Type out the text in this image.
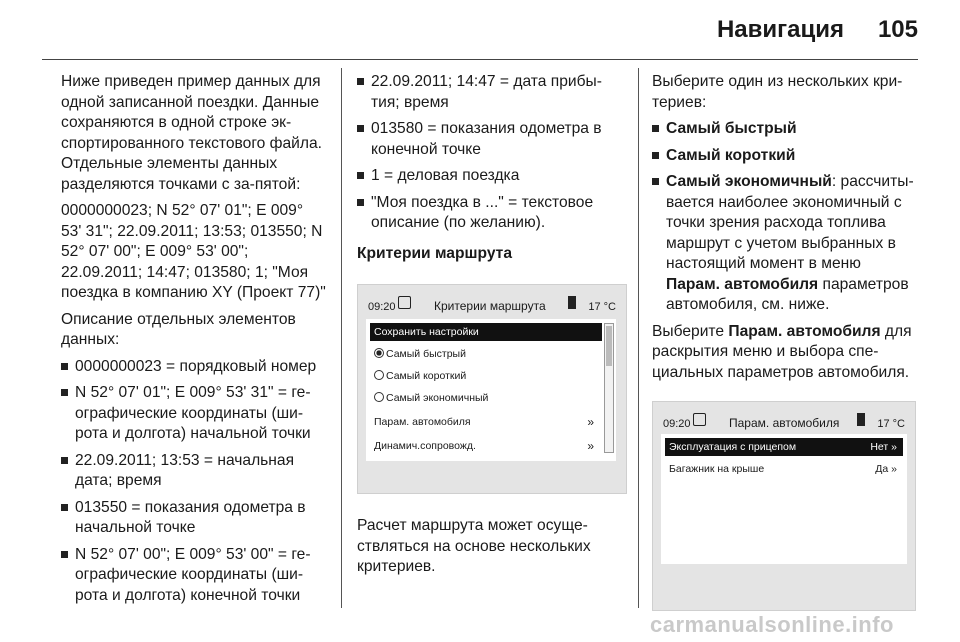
Навигация 105

Ниже приведен пример данных для одной записанной поездки. Данные сохраняются в одной строке эк-спортированного текстового файла. Отдельные элементы данных разделяются точками с за-пятой:

0000000023; N 52° 07' 01"; E 009° 53' 31"; 22.09.2011; 13:53; 013550; N 52° 07' 00"; E 009° 53' 00"; 22.09.2011; 14:47; 013580; 1; "Моя поездка в компанию XY (Проект 77)"

Описание отдельных элементов данных:

0000000023 = порядковый номер
N 52° 07' 01"; E 009° 53' 31" = ге-ографические координаты (ши-рота и долгота) начальной точки
22.09.2011; 13:53 = начальная дата; время
013550 = показания одометра в начальной точке
N 52° 07' 00"; E 009° 53' 00" = ге-ографические координаты (ши-рота и долгота) конечной точки
22.09.2011; 14:47 = дата прибы-тия; время
013580 = показания одометра в конечной точке
1 = деловая поездка
"Моя поездка в ..." = текстовое описание (по желанию).
Критерии маршрута
09:20	Критерии маршрута	17 °C
Сохранить настройки
Самый быстрый
Самый короткий
Самый экономичный
Парам. автомобиля	»
Динамич.сопровожд.	»

Расчет маршрута может осуще-ствляться на основе нескольких критериев.

Выберите один из нескольких кри-териев:

Самый быстрый
Самый короткий
Самый экономичный: рассчиты-вается наиболее экономичный с точки зрения расхода топлива маршрут с учетом выбранных в настоящий момент в меню
Парам. автомобиля параметров автомобиля, см. ниже.

Выберите Парам. автомобиля для раскрытия меню и выбора спе-циальных параметров автомобиля.

09:20	Парам. автомобиля	17 °C
Эксплуатация с прицепом	Нет »
Багажник на крыше	Да »
carmanualsonline.info
